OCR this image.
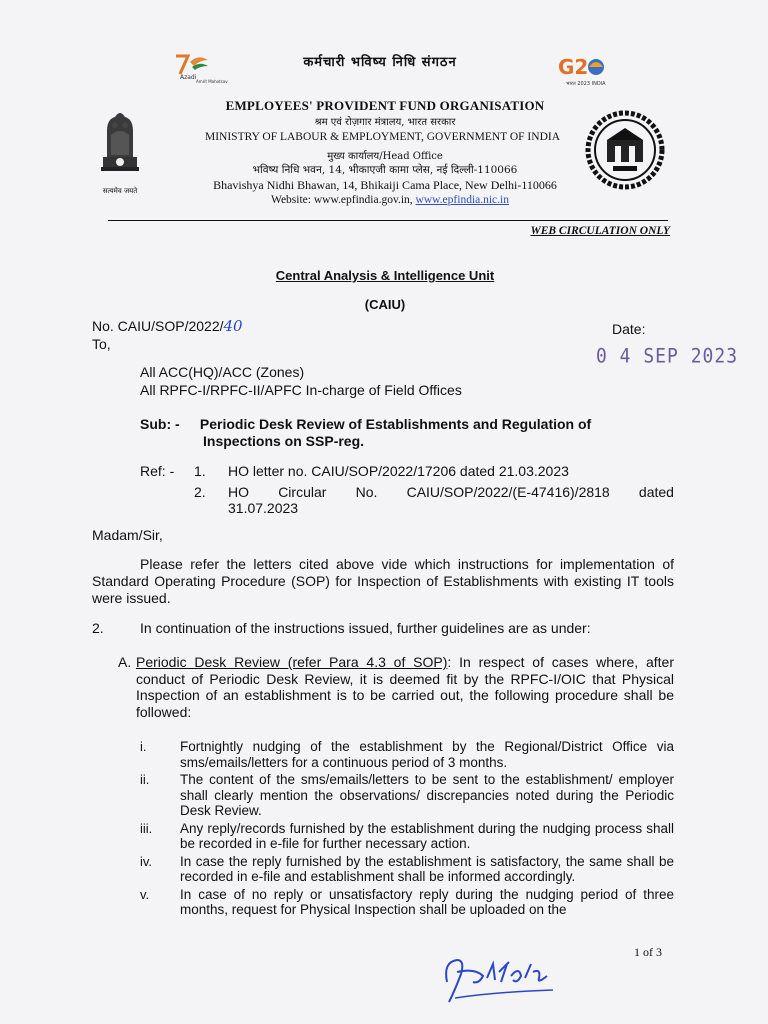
Azadi
Amrit Mahotsav
G2
भारत 2023 INDIA
सत्यमेव जयते
कर्मचारी भविष्य निधि संगठन
EMPLOYEES' PROVIDENT FUND ORGANISATION
श्रम एवं रोज़गार मंत्रालय, भारत सरकार
MINISTRY OF LABOUR & EMPLOYMENT, GOVERNMENT OF INDIA
मुख्य कार्यालय/Head Office
भविष्य निधि भवन, 14, भीकाएजी कामा प्लेस, नई दिल्ली-110066
Bhavishya Nidhi Bhawan, 14, Bhikaiji Cama Place, New Delhi-110066
Website: www.epfindia.gov.in, www.epfindia.nic.in
WEB CIRCULATION ONLY
Central Analysis & Intelligence Unit
(CAIU)
No. CAIU/SOP/2022/40
To,
Date:
0 4 SEP 2023
All ACC(HQ)/ACC (Zones)
All RPFC-I/RPFC-II/APFC In-charge of Field Offices
Sub: - Periodic Desk Review of Establishments and Regulation of
Inspections on SSP-reg.
Ref: - 1. HO letter no. CAIU/SOP/2022/17206 dated 21.03.2023
2. HO Circular No. CAIU/SOP/2022/(E-47416)/2818 dated
31.07.2023
Madam/Sir,
Please refer the letters cited above vide which instructions for implementation of Standard Operating Procedure (SOP) for Inspection of Establishments with existing IT tools were issued.
2.	In continuation of the instructions issued, further guidelines are as under:
A. Periodic Desk Review (refer Para 4.3 of SOP): In respect of cases where, after conduct of Periodic Desk Review, it is deemed fit by the RPFC-I/OIC that Physical Inspection of an establishment is to be carried out, the following procedure shall be followed:
i. Fortnightly nudging of the establishment by the Regional/District Office via sms/emails/letters for a continuous period of 3 months.
ii. The content of the sms/emails/letters to be sent to the establishment/ employer shall clearly mention the observations/ discrepancies noted during the Periodic Desk Review.
iii. Any reply/records furnished by the establishment during the nudging process shall be recorded in e-file for further necessary action.
iv. In case the reply furnished by the establishment is satisfactory, the same shall be recorded in e-file and establishment shall be informed accordingly.
v. In case of no reply or unsatisfactory reply during the nudging period of three months, request for Physical Inspection shall be uploaded on the
1 of 3
